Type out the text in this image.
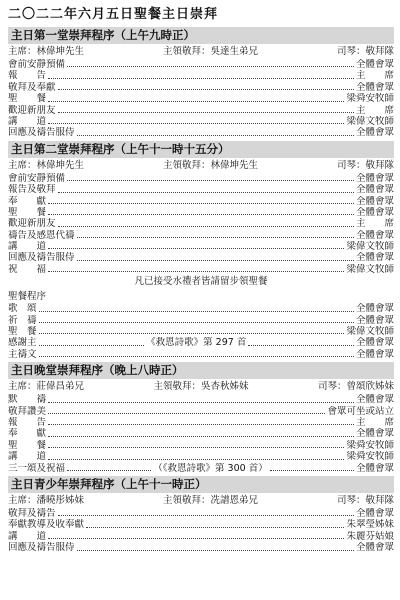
二〇二二年六月五日聖餐主日崇拜
主日第一堂崇拜程序（上午九時正）
主席：林偉坤先生	主領敬拜：吳達生弟兄	司琴：敬拜隊
會前安靜預備	全體會眾
報　　告	主　　席
敬拜及奉獻	全體會眾
聖　　餐	梁舜安牧師
歡迎新朋友	主　　席
講　　道	梁偉文牧師
回應及禱告服侍	全體會眾
主日第二堂崇拜程序（上午十一時十五分）
主席：林偉坤先生	主領敬拜：林偉坤先生	司琴：敬拜隊
會前安靜預備	全體會眾
報告及敬拜	全體會眾
奉　　獻	全體會眾
聖　　餐	全體會眾
歡迎新朋友	主　　席
禱告及感恩代禱	全體會眾
講　　道	梁偉文牧師
回應及禱告服侍	全體會眾
祝　　福	梁偉文牧師
凡已接受水禮者皆請留步領聖餐
聖餐程序
歌　頌	全體會眾
祈　禱	全體會眾
聖　餐	梁偉文牧師
感謝主	《救恩詩歌》第 297 首	全體會眾
主禱文	全體會眾
主日晚堂崇拜程序（晚上八時正）
主席：莊偉昌弟兄	主領敬拜：吳杏秋姊妹	司琴：曾頌欣姊妹
默　　禱	全體會眾
敬拜讚美	會眾可坐或站立
報　　告	主　　席
奉　　獻	全體會眾
聖　　餐	梁舜安牧師
講　　道	梁舜安牧師
三一頌及祝福	（《救恩詩歌》第 300 首）	全體會眾
主日青少年崇拜程序（上午十一時正）
主席：潘曉彤姊妹	主領敬拜：冼譜恩弟兄	司琴：敬拜隊
敬拜及禱告	全體會眾
奉獻教導及收奉獻	朱翠瑩姊妹
講　　道	朱麗芬姑娘
回應及禱告服侍	全體會眾
